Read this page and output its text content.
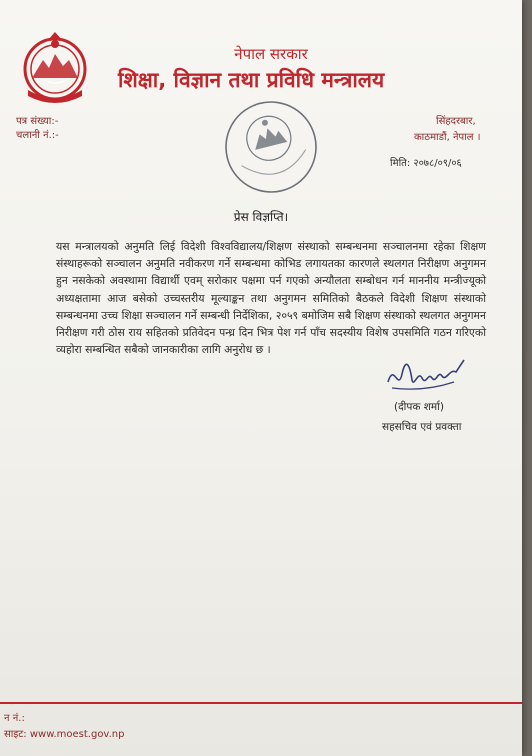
नेपाल सरकार
शिक्षा, विज्ञान तथा प्रविधि मन्त्रालय
पत्र संख्या:-
चलानी नं.:-
सिंहदरबार,
काठमाडौं, नेपाल ।
मिति: २०७८/०९/०६
प्रेस विज्ञप्ति।
यस मन्त्रालयको अनुमति लिई विदेशी विश्वविद्यालय/शिक्षण संस्थाको सम्बन्धनमा सञ्चालनमा रहेका शिक्षण संस्थाहरूको सञ्चालन अनुमति नवीकरण गर्ने सम्बन्धमा कोभिड लगायतका कारणले स्थलगत निरीक्षण अनुगमन हुन नसकेको अवस्थामा विद्यार्थी एवम् सरोकार पक्षमा पर्न गएको अन्यौलता सम्बोधन गर्न माननीय मन्त्रीज्यूको अध्यक्षतामा आज बसेको उच्चस्तरीय मूल्याङ्कन तथा अनुगमन समितिको बैठकले विदेशी शिक्षण संस्थाको सम्बन्धनमा उच्च शिक्षा सञ्चालन गर्ने सम्बन्धी निर्देशिका, २०५९ बमोजिम सबै शिक्षण संस्थाको स्थलगत अनुगमन निरीक्षण गरी ठोस राय सहितको प्रतिवेदन पन्ध्र दिन भित्र पेश गर्न पाँच सदस्यीय विशेष उपसमिति गठन गरिएको व्यहोरा सम्बन्धित सबैको जानकारीका लागि अनुरोध छ ।
(दीपक शर्मा)
सहसचिव एवं प्रवक्ता
न नं.:
साइट: www.moest.gov.np
